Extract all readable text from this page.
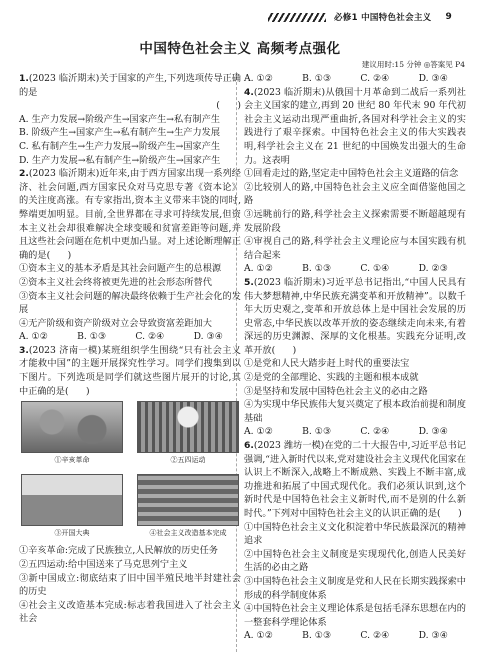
必修1 中国特色社会主义 9
中国特色社会主义 高频考点强化
建议用时:15 分钟 ◎答案见 P4

1.(2023 临沂期末)关于国家的产生,下列选项传导正确的是

(      )

A. 生产力发展→阶级产生→国家产生→私有制产生

B. 阶级产生→国家产生→私有制产生→生产力发展

C. 私有制产生→生产力发展→阶级产生→国家产生

D. 生产力发展→私有制产生→阶级产生→国家产生

2.(2023 临沂期末)近年来,由于西方国家出现一系列经济、社会问题,西方国家民众对马克思专著《资本论》的关注度高涨。有专家指出,资本主义带来丰饶的同时,弊端更加明显。目前,全世界都在寻求可持续发展,但资本主义社会却很难解决全球变暖和贫富差距等问题,并且这些社会问题在危机中更加凸显。对上述论断理解正确的是(      )

①资本主义的基本矛盾是其社会问题产生的总根源

②资本主义社会终将被更先进的社会形态所替代

③资本主义社会问题的解决最终依赖于生产社会化的发展

④无产阶级和资产阶级对立会导致资富差距加大

A. ①②	B. ①③	C. ②④	D. ③④

3.(2023 济南一模)某班组织学生围绕“只有社会主义才能救中国”的主题开展探究性学习。同学们搜集到以下图片。下列选项是同学们就这些图片展开的讨论,其中正确的是(      )

①辛亥革命	②五四运动
③开国大典	④社会主义改造基本完成

①辛亥革命:完成了民族独立,人民解放的历史任务

②五四运动:给中国送来了马克思列宁主义

③新中国成立:彻底结束了旧中国半殖民地半封建社会的历史

④社会主义改造基本完成:标志着我国进入了社会主义社会

A. ①②	B. ①③	C. ②④	D. ③④

4.(2023 临沂期末)从俄国十月革命到二战后一系列社会主义国家的建立,再到 20 世纪 80 年代末 90 年代初社会主义运动出现严重曲折,各国对科学社会主义的实践进行了艰辛探索。中国特色社会主义的伟大实践表明,科学社会主义在 21 世纪的中国焕发出强大的生命力。这表明

①回看走过的路,坚定走中国特色社会主义道路的信念

②比较别人的路,中国特色社会主义应全面借鉴他国之路

③远眺前行的路,科学社会主义探索需要不断超越现有发展阶段

④审视自己的路,科学社会主义理论应与本国实践有机结合起来

A. ①②	B. ①③	C. ①④	D. ②③

5.(2023 临沂期末)习近平总书记指出,“中国人民具有伟大梦想精神,中华民族充满变革和开放精神”。以数千年大历史观之,变革和开放总体上是中国社会发展的历史常态,中华民族以改革开放的姿态继续走向未来,有着深远的历史渊源、深厚的文化根基。实践充分证明,改革开放(      )

①是党和人民大踏步赶上时代的重要法宝

②是党的全部理论、实践的主题和根本成就

③是坚持和发展中国特色社会主义的必由之路

④为实现中华民族伟大复兴奠定了根本政治前提和制度基础

A. ①②	B. ①③	C. ②④	D. ③④

6.(2023 潍坊一模)在党的二十大报告中,习近平总书记强调,“进入新时代以来,党对建设社会主义现代化国家在认识上不断深入,战略上不断成熟、实践上不断丰富,成功推进和拓展了中国式现代化。我们必须认识到,这个新时代是中国特色社会主义新时代,而不是别的什么新时代。”下列对中国特色社会主义的认识正确的是(      )

①中国特色社会主义文化积淀着中华民族最深沉的精神追求

②中国特色社会主义制度是实现现代化,创造人民美好生活的必由之路

③中国特色社会主义制度是党和人民在长期实践探索中形成的科学制度体系

④中国特色社会主义理论体系是包括毛泽东思想在内的一整套科学理论体系

A. ①②	B. ①③	C. ②④	D. ③④
